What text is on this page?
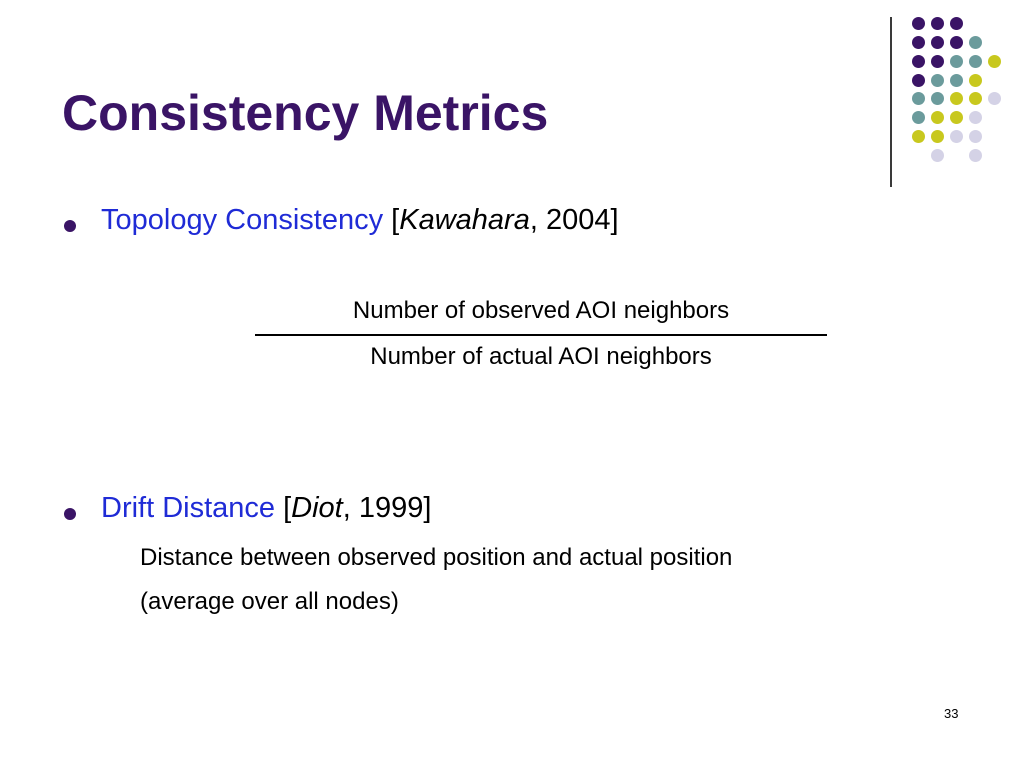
Consistency Metrics
Topology Consistency [Kawahara, 2004]
Number of observed AOI neighbors
Number of actual AOI neighbors
Drift Distance [Diot, 1999]
Distance between observed position and actual position
(average over all nodes)
33
